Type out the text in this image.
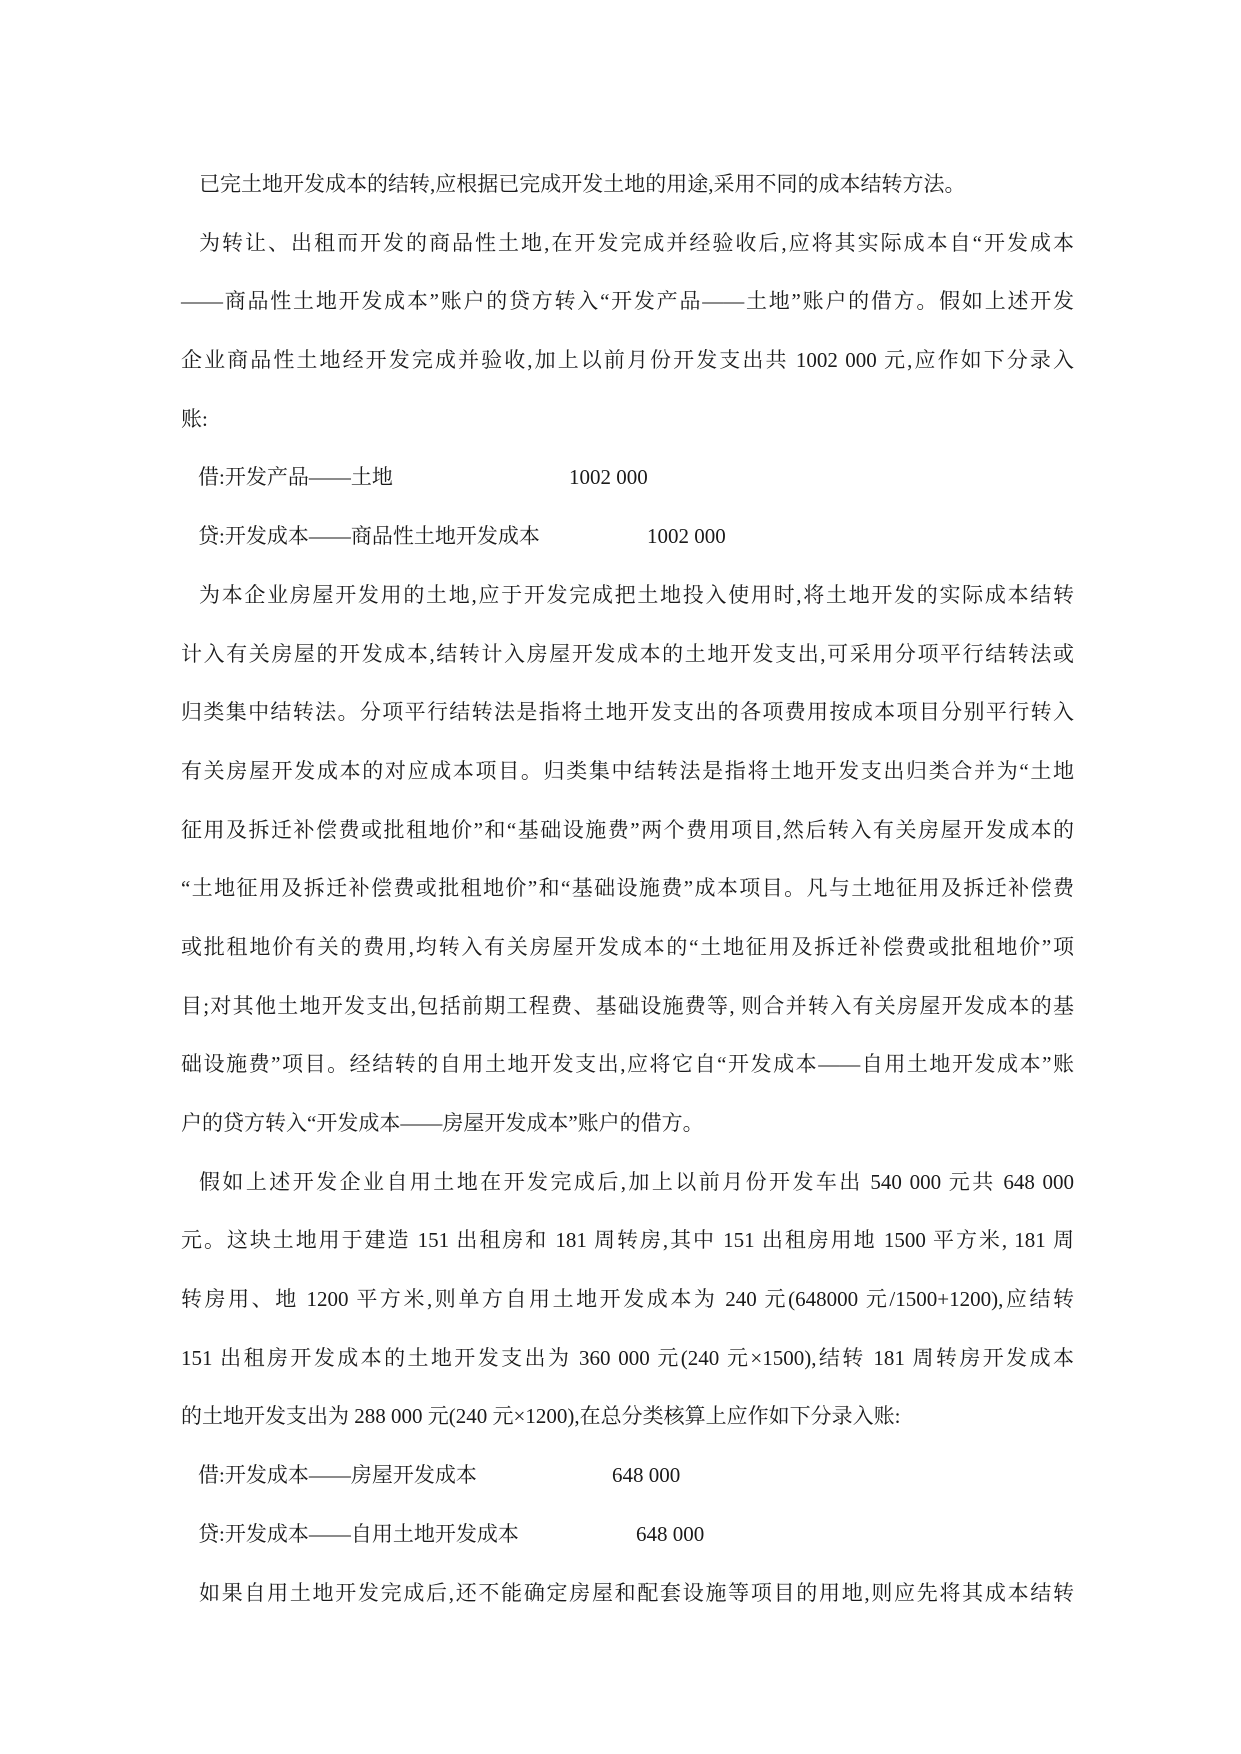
已完土地开发成本的结转,应根据已完成开发土地的用途,采用不同的成本结转方法。
为转让、出租而开发的商品性土地,在开发完成并经验收后,应将其实际成本自“开发成本
——商品性土地开发成本”账户的贷方转入“开发产品——土地”账户的借方。假如上述开发
企业商品性土地经开发完成并验收,加上以前月份开发支出共 1002 000 元,应作如下分录入
账:
借:开发产品——土地	1002 000
贷:开发成本——商品性土地开发成本	1002 000
为本企业房屋开发用的土地,应于开发完成把土地投入使用时,将土地开发的实际成本结转
计入有关房屋的开发成本,结转计入房屋开发成本的土地开发支出,可采用分项平行结转法或
归类集中结转法。分项平行结转法是指将土地开发支出的各项费用按成本项目分别平行转入
有关房屋开发成本的对应成本项目。归类集中结转法是指将土地开发支出归类合并为“土地
征用及拆迁补偿费或批租地价”和“基础设施费”两个费用项目,然后转入有关房屋开发成本的
“土地征用及拆迁补偿费或批租地价”和“基础设施费”成本项目。凡与土地征用及拆迁补偿费
或批租地价有关的费用,均转入有关房屋开发成本的“土地征用及拆迁补偿费或批租地价”项
目;对其他土地开发支出,包括前期工程费、基础设施费等, 则合并转入有关房屋开发成本的基
础设施费”项目。经结转的自用土地开发支出,应将它自“开发成本——自用土地开发成本”账
户的贷方转入“开发成本——房屋开发成本”账户的借方。
假如上述开发企业自用土地在开发完成后,加上以前月份开发车出 540 000 元共 648 000
元。这块土地用于建造 151 出租房和 181 周转房,其中 151 出租房用地 1500 平方米, 181 周
转房用、地 1200 平方米,则单方自用土地开发成本为 240 元(648000 元/1500+1200),应结转
151 出租房开发成本的土地开发支出为 360 000 元(240 元×1500),结转 181 周转房开发成本
的土地开发支出为 288 000 元(240 元×1200),在总分类核算上应作如下分录入账:
借:开发成本——房屋开发成本	648 000
贷:开发成本——自用土地开发成本	648 000
如果自用土地开发完成后,还不能确定房屋和配套设施等项目的用地,则应先将其成本结转
